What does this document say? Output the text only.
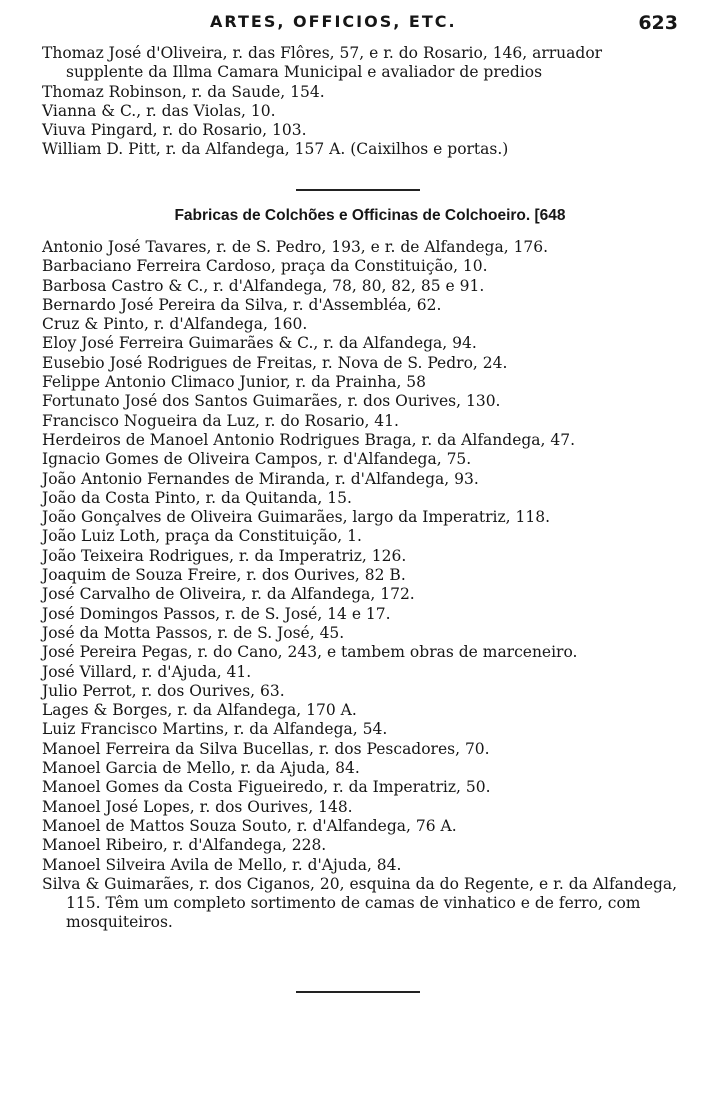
ARTES, OFFICIOS, ETC.	623
Thomaz José d'Oliveira, r. das Flôres, 57, e r. do Rosario, 146, arruador supplente da Illma Camara Municipal e avaliador de predios
Thomaz Robinson, r. da Saude, 154.
Vianna & C., r. das Violas, 10.
Viuva Pingard, r. do Rosario, 103.
William D. Pitt, r. da Alfandega, 157 A. (Caixilhos e portas.)
Fabricas de Colchões e Officinas de Colchoeiro. [648
Antonio José Tavares, r. de S. Pedro, 193, e r. de Alfandega, 176.
Barbaciano Ferreira Cardoso, praça da Constituição, 10.
Barbosa Castro & C., r. d'Alfandega, 78, 80, 82, 85 e 91.
Bernardo José Pereira da Silva, r. d'Assembléa, 62.
Cruz & Pinto, r. d'Alfandega, 160.
Eloy José Ferreira Guimarães & C., r. da Alfandega, 94.
Eusebio José Rodrigues de Freitas, r. Nova de S. Pedro, 24.
Felippe Antonio Climaco Junior, r. da Prainha, 58
Fortunato José dos Santos Guimarães, r. dos Ourives, 130.
Francisco Nogueira da Luz, r. do Rosario, 41.
Herdeiros de Manoel Antonio Rodrigues Braga, r. da Alfandega, 47.
Ignacio Gomes de Oliveira Campos, r. d'Alfandega, 75.
João Antonio Fernandes de Miranda, r. d'Alfandega, 93.
João da Costa Pinto, r. da Quitanda, 15.
João Gonçalves de Oliveira Guimarães, largo da Imperatriz, 118.
João Luiz Loth, praça da Constituição, 1.
João Teixeira Rodrigues, r. da Imperatriz, 126.
Joaquim de Souza Freire, r. dos Ourives, 82 B.
José Carvalho de Oliveira, r. da Alfandega, 172.
José Domingos Passos, r. de S. José, 14 e 17.
José da Motta Passos, r. de S. José, 45.
José Pereira Pegas, r. do Cano, 243, e tambem obras de marceneiro.
José Villard, r. d'Ajuda, 41.
Julio Perrot, r. dos Ourives, 63.
Lages & Borges, r. da Alfandega, 170 A.
Luiz Francisco Martins, r. da Alfandega, 54.
Manoel Ferreira da Silva Bucellas, r. dos Pescadores, 70.
Manoel Garcia de Mello, r. da Ajuda, 84.
Manoel Gomes da Costa Figueiredo, r. da Imperatriz, 50.
Manoel José Lopes, r. dos Ourives, 148.
Manoel de Mattos Souza Souto, r. d'Alfandega, 76 A.
Manoel Ribeiro, r. d'Alfandega, 228.
Manoel Silveira Avila de Mello, r. d'Ajuda, 84.
Silva & Guimarães, r. dos Ciganos, 20, esquina da do Regente, e r. da Alfandega, 115. Têm um completo sortimento de camas de vinhatico e de ferro, com mosquiteiros.
